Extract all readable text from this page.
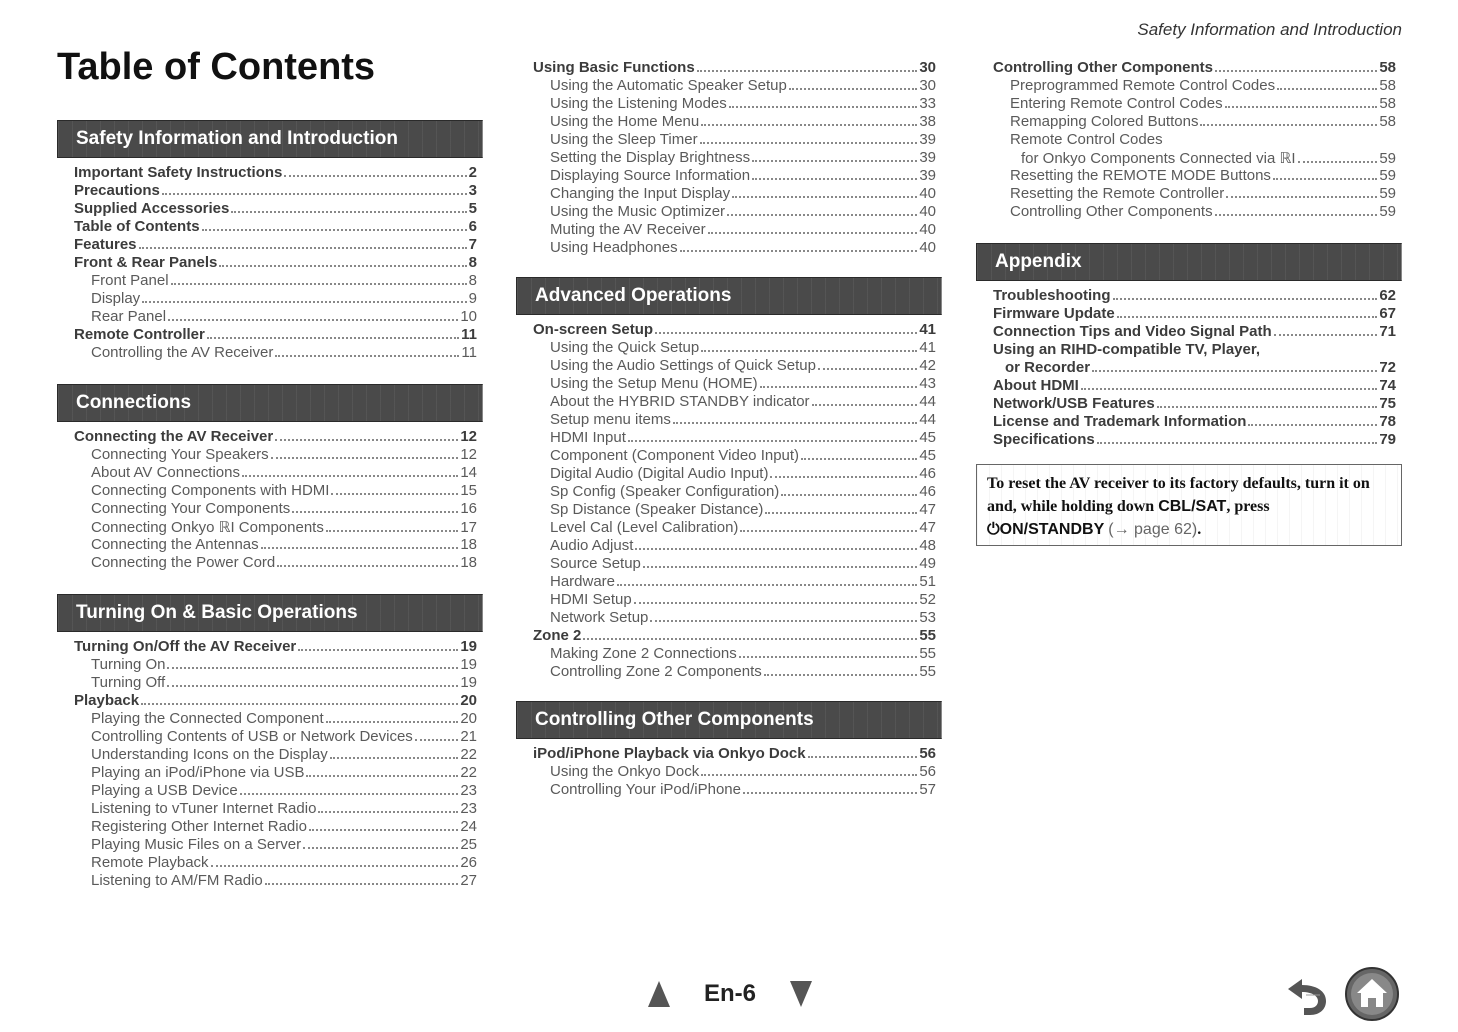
Safety Information and Introduction
Table of Contents
Safety Information and Introduction
Important Safety Instructions	2
Precautions	3
Supplied Accessories	5
Table of Contents	6
Features	7
Front & Rear Panels	8
Front Panel	8
Display	9
Rear Panel	10
Remote Controller	11
Controlling the AV Receiver	11
Connections
Connecting the AV Receiver	12
Connecting Your Speakers	12
About AV Connections	14
Connecting Components with HDMI	15
Connecting Your Components	16
Connecting Onkyo ℝI Components	17
Connecting the Antennas	18
Connecting the Power Cord	18
Turning On & Basic Operations
Turning On/Off the AV Receiver	19
Turning On	19
Turning Off	19
Playback	20
Playing the Connected Component	20
Controlling Contents of USB or Network Devices	21
Understanding Icons on the Display	22
Playing an iPod/iPhone via USB	22
Playing a USB Device	23
Listening to vTuner Internet Radio	23
Registering Other Internet Radio	24
Playing Music Files on a Server	25
Remote Playback	26
Listening to AM/FM Radio	27
Using Basic Functions	30
Using the Automatic Speaker Setup	30
Using the Listening Modes	33
Using the Home Menu	38
Using the Sleep Timer	39
Setting the Display Brightness	39
Displaying Source Information	39
Changing the Input Display	40
Using the Music Optimizer	40
Muting the AV Receiver	40
Using Headphones	40
Advanced Operations
On-screen Setup	41
Using the Quick Setup	41
Using the Audio Settings of Quick Setup	42
Using the Setup Menu (HOME)	43
About the HYBRID STANDBY indicator	44
Setup menu items	44
HDMI Input	45
Component (Component Video Input)	45
Digital Audio (Digital Audio Input)	46
Sp Config (Speaker Configuration)	46
Sp Distance (Speaker Distance)	47
Level Cal (Level Calibration)	47
Audio Adjust	48
Source Setup	49
Hardware	51
HDMI Setup	52
Network Setup	53
Zone 2	55
Making Zone 2 Connections	55
Controlling Zone 2 Components	55
Controlling Other Components
iPod/iPhone Playback via Onkyo Dock	56
Using the Onkyo Dock	56
Controlling Your iPod/iPhone	57
Controlling Other Components	58
Preprogrammed Remote Control Codes	58
Entering Remote Control Codes	58
Remapping Colored Buttons	58
Remote Control Codes
for Onkyo Components Connected via ℝI	59
Resetting the REMOTE MODE Buttons	59
Resetting the Remote Controller	59
Controlling Other Components	59
Appendix
Troubleshooting	62
Firmware Update	67
Connection Tips and Video Signal Path	71
Using an RIHD-compatible TV, Player,
or Recorder	72
About HDMI	74
Network/USB Features	75
License and Trademark Information	78
Specifications	79
To reset the AV receiver to its factory defaults, turn it on and, while holding down CBL/SAT, press
⏻ON/STANDBY (→ page 62).
En-6
